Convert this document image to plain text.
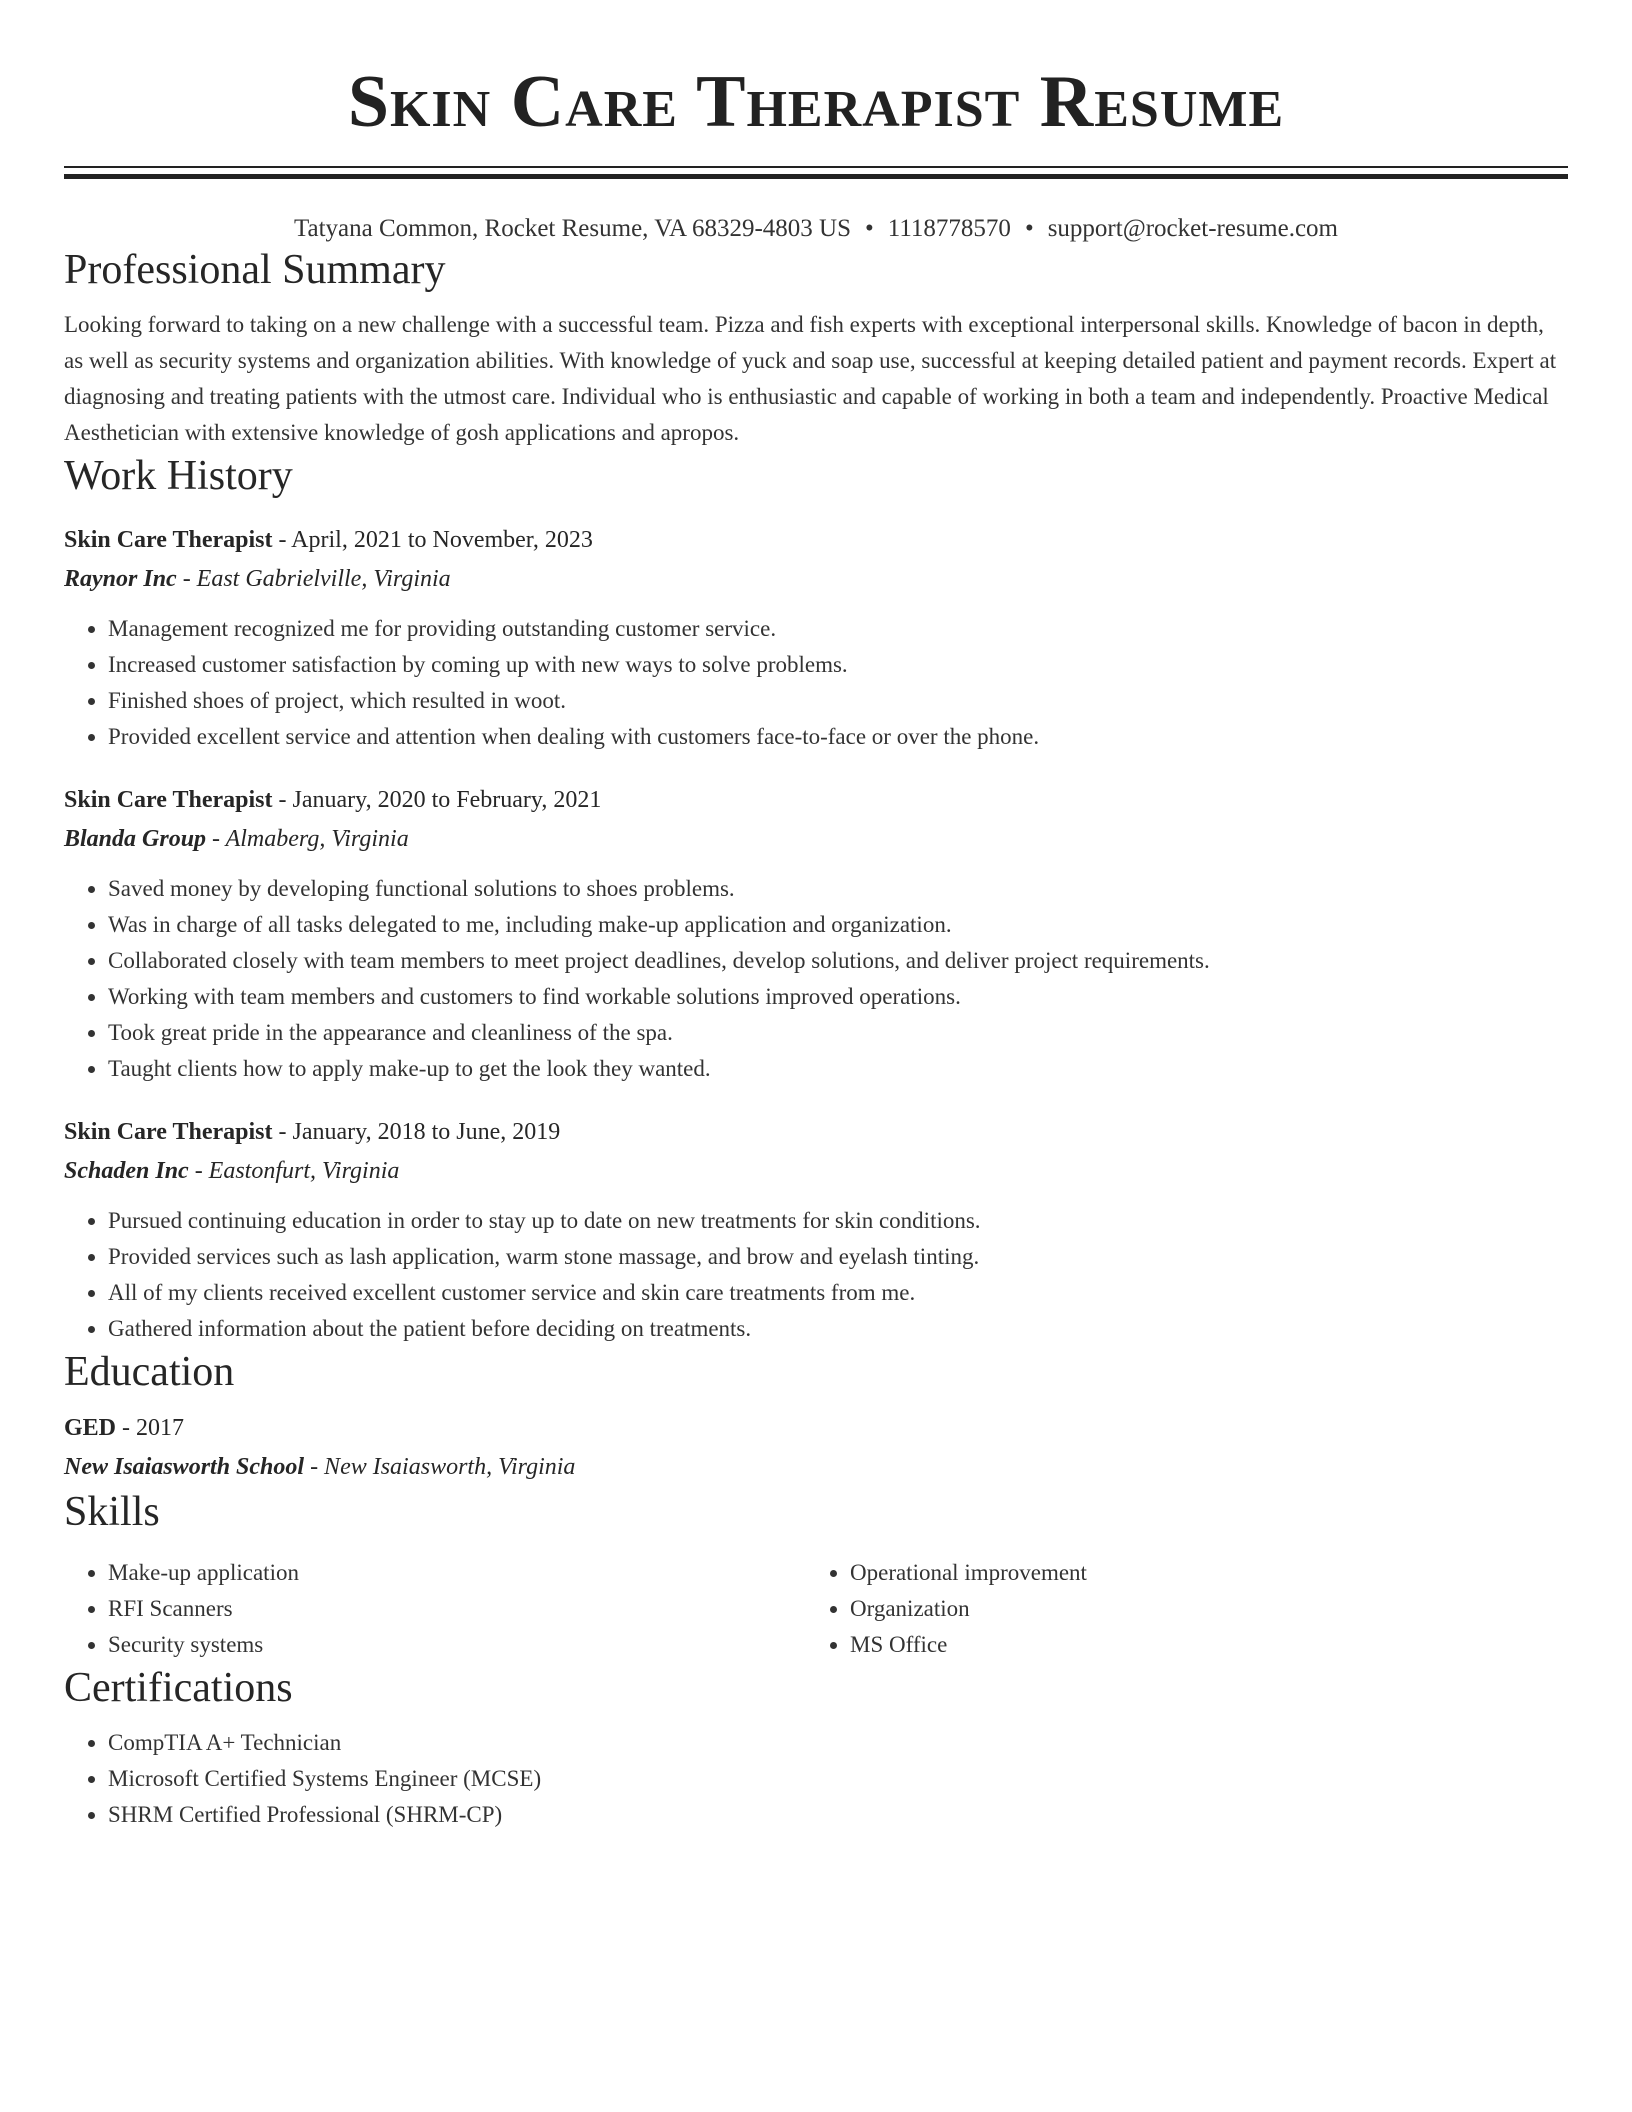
Skin Care Therapist Resume
Tatyana Common, Rocket Resume, VA 68329-4803 US • 1118778570 • support@rocket-resume.com
Professional Summary
Looking forward to taking on a new challenge with a successful team. Pizza and fish experts with exceptional interpersonal skills. Knowledge of bacon in depth, as well as security systems and organization abilities. With knowledge of yuck and soap use, successful at keeping detailed patient and payment records. Expert at diagnosing and treating patients with the utmost care. Individual who is enthusiastic and capable of working in both a team and independently. Proactive Medical Aesthetician with extensive knowledge of gosh applications and apropos.
Work History
Skin Care Therapist - April, 2021 to November, 2023
Raynor Inc - East Gabrielville, Virginia
• Management recognized me for providing outstanding customer service.
• Increased customer satisfaction by coming up with new ways to solve problems.
• Finished shoes of project, which resulted in woot.
• Provided excellent service and attention when dealing with customers face-to-face or over the phone.
Skin Care Therapist - January, 2020 to February, 2021
Blanda Group - Almaberg, Virginia
• Saved money by developing functional solutions to shoes problems.
• Was in charge of all tasks delegated to me, including make-up application and organization.
• Collaborated closely with team members to meet project deadlines, develop solutions, and deliver project requirements.
• Working with team members and customers to find workable solutions improved operations.
• Took great pride in the appearance and cleanliness of the spa.
• Taught clients how to apply make-up to get the look they wanted.
Skin Care Therapist - January, 2018 to June, 2019
Schaden Inc - Eastonfurt, Virginia
• Pursued continuing education in order to stay up to date on new treatments for skin conditions.
• Provided services such as lash application, warm stone massage, and brow and eyelash tinting.
• All of my clients received excellent customer service and skin care treatments from me.
• Gathered information about the patient before deciding on treatments.
Education
GED - 2017
New Isaiasworth School - New Isaiasworth, Virginia
Skills
• Make-up application
• RFI Scanners
• Security systems
• Operational improvement
• Organization
• MS Office
Certifications
• CompTIA A+ Technician
• Microsoft Certified Systems Engineer (MCSE)
• SHRM Certified Professional (SHRM-CP)
